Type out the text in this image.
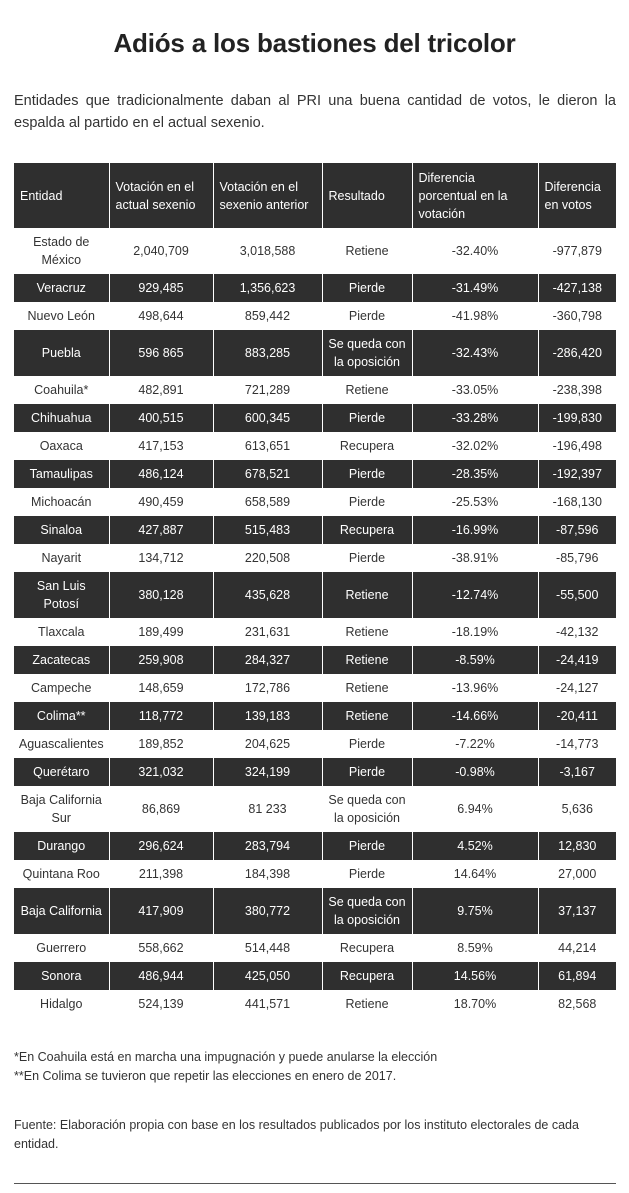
Adiós a los bastiones del tricolor
Entidades que tradicionalmente daban al PRI una buena cantidad de votos, le dieron la espalda al partido en el actual sexenio.
Entidad	Votación en el actual sexenio	Votación en el sexenio anterior	Resultado	Diferencia porcentual en la votación	Diferencia en votos
Estado de México	2,040,709	3,018,588	Retiene	-32.40%	-977,879
Veracruz	929,485	1,356,623	Pierde	-31.49%	-427,138
Nuevo León	498,644	859,442	Pierde	-41.98%	-360,798
Puebla	596 865	883,285	Se queda con la oposición	-32.43%	-286,420
Coahuila*	482,891	721,289	Retiene	-33.05%	-238,398
Chihuahua	400,515	600,345	Pierde	-33.28%	-199,830
Oaxaca	417,153	613,651	Recupera	-32.02%	-196,498
Tamaulipas	486,124	678,521	Pierde	-28.35%	-192,397
Michoacán	490,459	658,589	Pierde	-25.53%	-168,130
Sinaloa	427,887	515,483	Recupera	-16.99%	-87,596
Nayarit	134,712	220,508	Pierde	-38.91%	-85,796
San Luis Potosí	380,128	435,628	Retiene	-12.74%	-55,500
Tlaxcala	189,499	231,631	Retiene	-18.19%	-42,132
Zacatecas	259,908	284,327	Retiene	-8.59%	-24,419
Campeche	148,659	172,786	Retiene	-13.96%	-24,127
Colima**	118,772	139,183	Retiene	-14.66%	-20,411
Aguascalientes	189,852	204,625	Pierde	-7.22%	-14,773
Querétaro	321,032	324,199	Pierde	-0.98%	-3,167
Baja California Sur	86,869	81 233	Se queda con la oposición	6.94%	5,636
Durango	296,624	283,794	Pierde	4.52%	12,830
Quintana Roo	211,398	184,398	Pierde	14.64%	27,000
Baja California	417,909	380,772	Se queda con la oposición	9.75%	37,137
Guerrero	558,662	514,448	Recupera	8.59%	44,214
Sonora	486,944	425,050	Recupera	14.56%	61,894
Hidalgo	524,139	441,571	Retiene	18.70%	82,568
*En Coahuila está en marcha una impugnación y puede anularse la elección
**En Colima se tuvieron que repetir las elecciones en enero de 2017.
Fuente: Elaboración propia con base en los resultados publicados por los instituto electorales de cada entidad.
